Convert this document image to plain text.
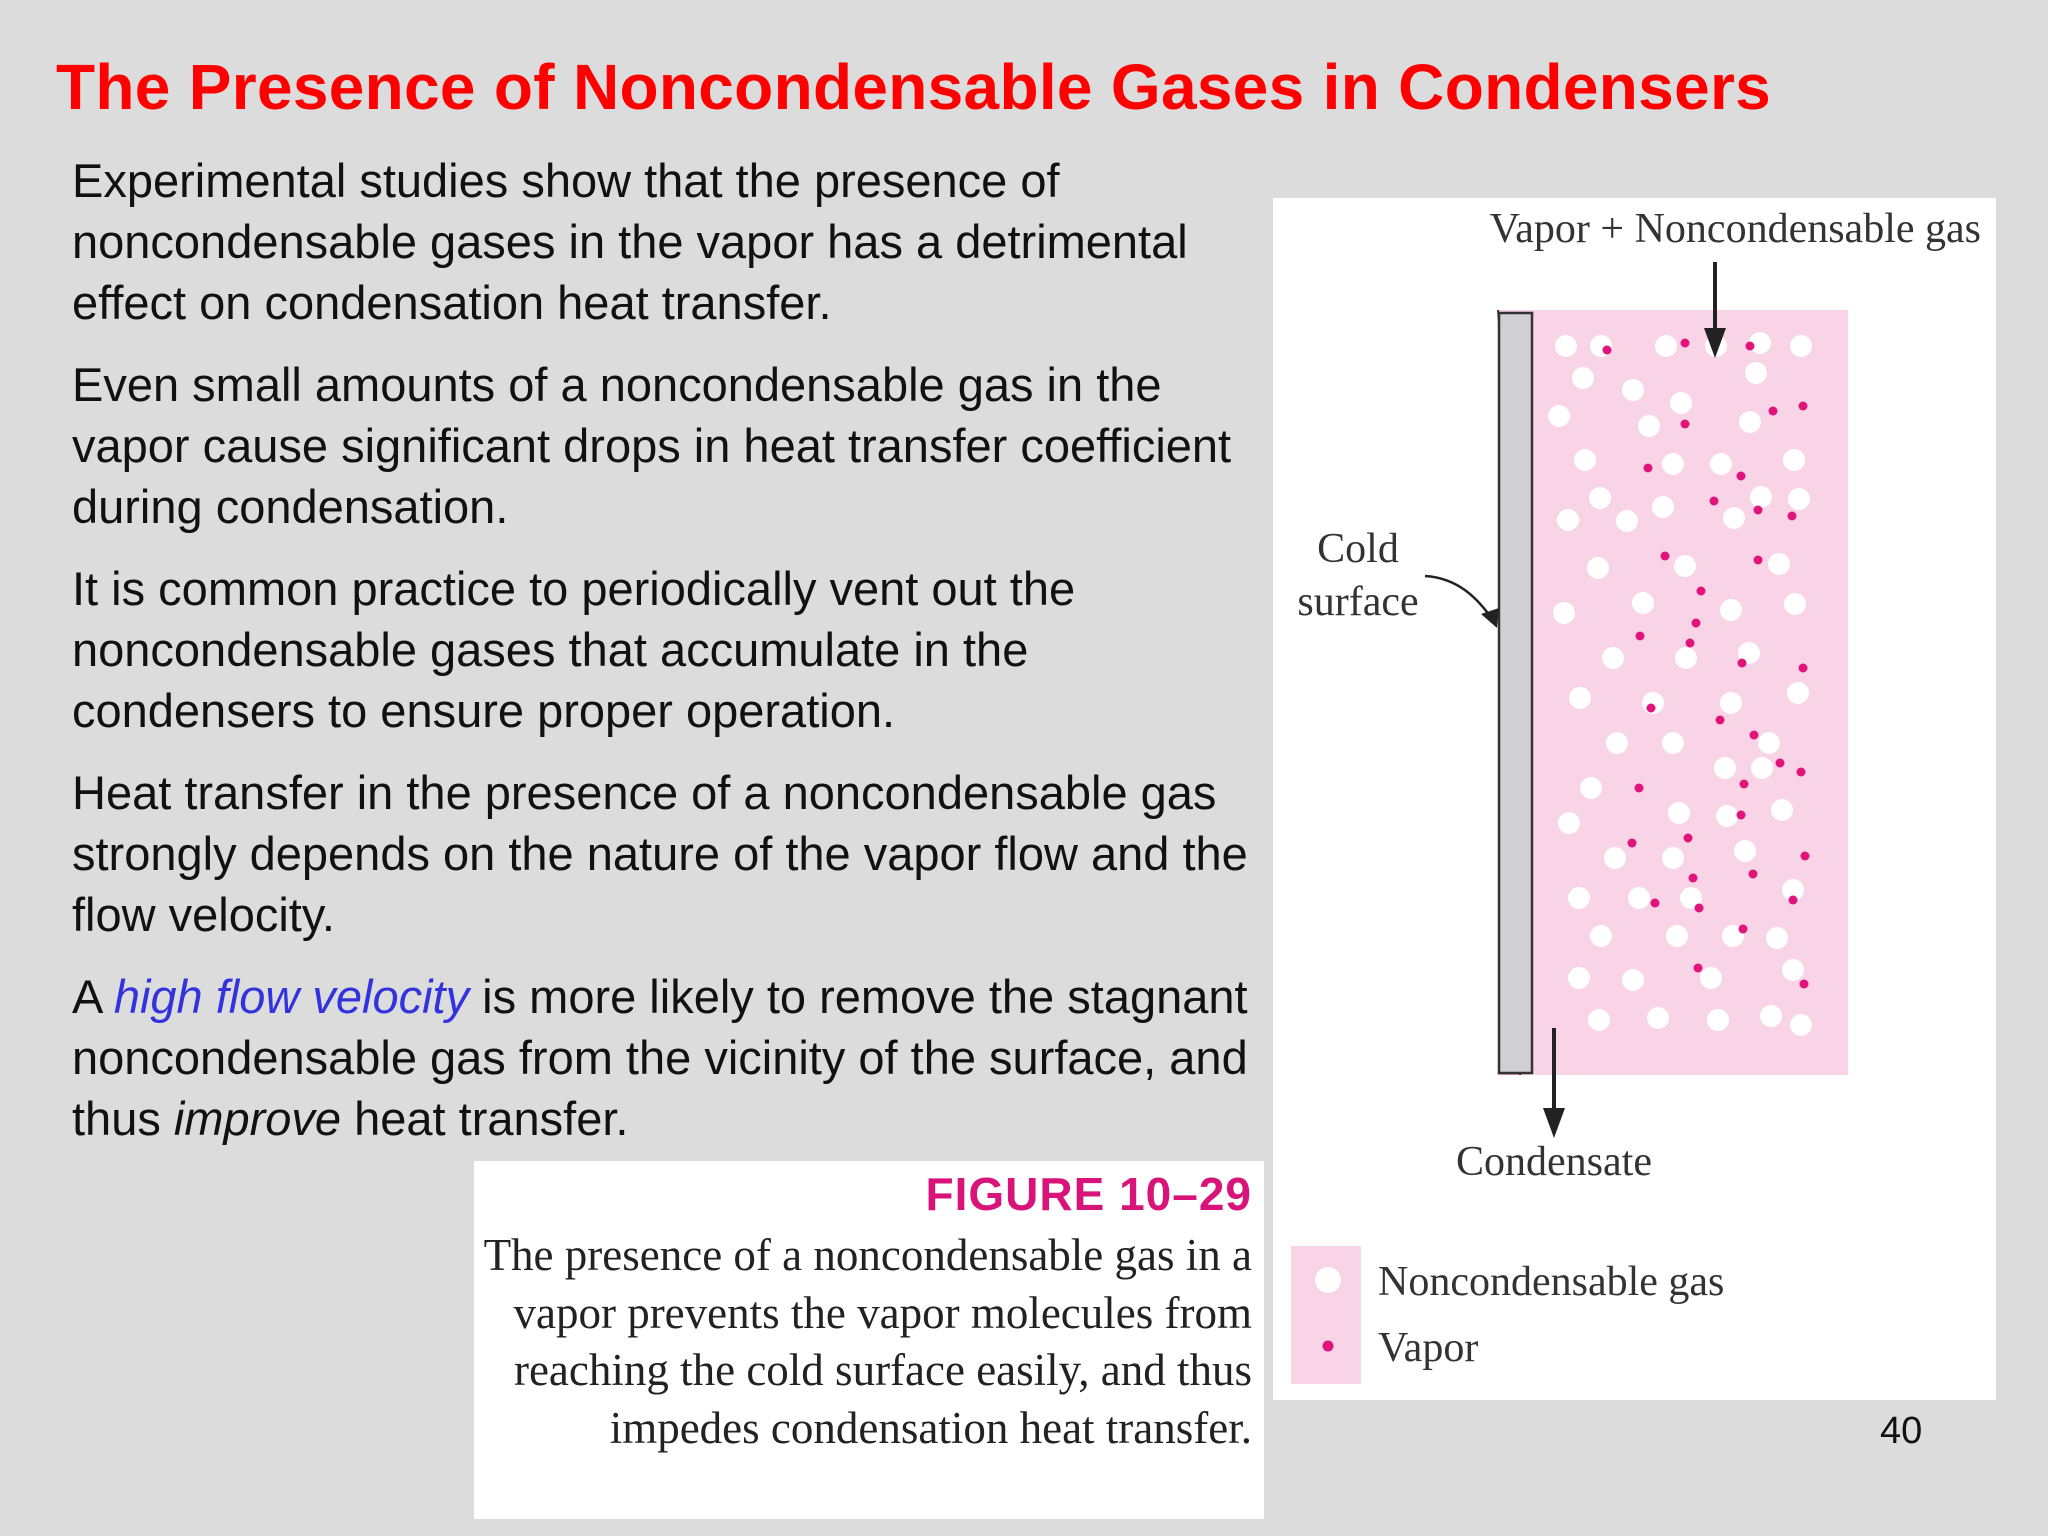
The Presence of Noncondensable Gases in Condensers

Experimental studies show that the presence of noncondensable gases in the vapor has a detrimental effect on condensation heat transfer.

Even small amounts of a noncondensable gas in the vapor cause significant drops in heat transfer coefficient during condensation.

It is common practice to periodically vent out the noncondensable gases that accumulate in the condensers to ensure proper operation.

Heat transfer in the presence of a noncondensable gas strongly depends on the nature of the vapor flow and the flow velocity.

A high flow velocity is more likely to remove the stagnant noncondensable gas from the vicinity of the surface, and thus improve heat transfer.

FIGURE 10–29
The presence of a noncondensable gas in a vapor prevents the vapor molecules from reaching the cold surface easily, and thus impedes condensation heat transfer.
Vapor + Noncondensable gas
Cold
surface
Condensate
Noncondensable gas
Vapor
40
